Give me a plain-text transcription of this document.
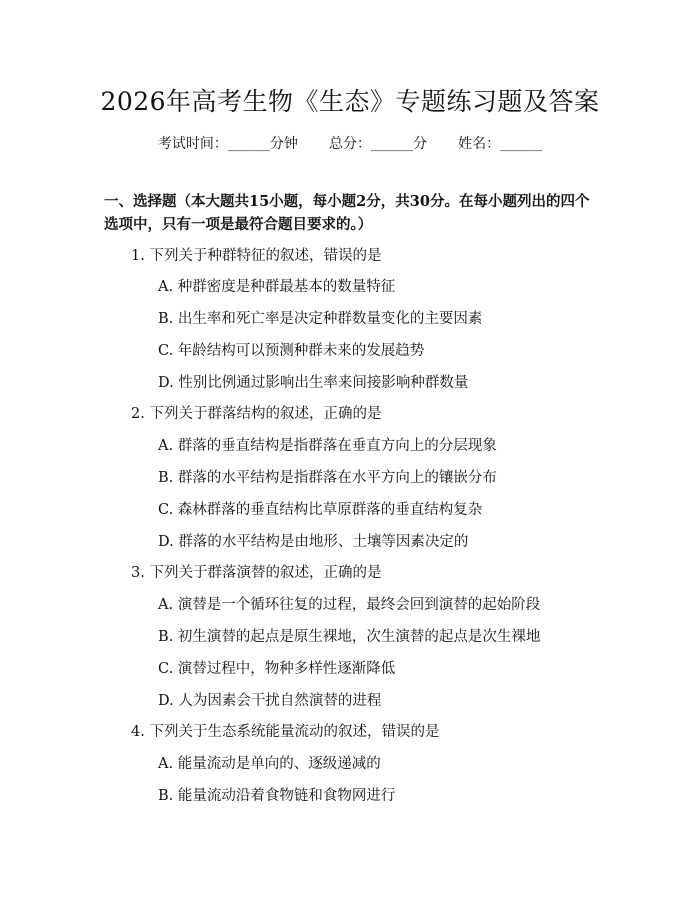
2026年高考生物《生态》专题练习题及答案
考试时间：______分钟 总分：______分 姓名：______
一、选择题（本大题共15小题，每小题2分，共30分。在每小题列出的四个选项中，只有一项是最符合题目要求的。）
1. 下列关于种群特征的叙述，错误的是
A. 种群密度是种群最基本的数量特征
B. 出生率和死亡率是决定种群数量变化的主要因素
C. 年龄结构可以预测种群未来的发展趋势
D. 性别比例通过影响出生率来间接影响种群数量
2. 下列关于群落结构的叙述，正确的是
A. 群落的垂直结构是指群落在垂直方向上的分层现象
B. 群落的水平结构是指群落在水平方向上的镶嵌分布
C. 森林群落的垂直结构比草原群落的垂直结构复杂
D. 群落的水平结构是由地形、土壤等因素决定的
3. 下列关于群落演替的叙述，正确的是
A. 演替是一个循环往复的过程，最终会回到演替的起始阶段
B. 初生演替的起点是原生裸地，次生演替的起点是次生裸地
C. 演替过程中，物种多样性逐渐降低
D. 人为因素会干扰自然演替的进程
4. 下列关于生态系统能量流动的叙述，错误的是
A. 能量流动是单向的、逐级递减的
B. 能量流动沿着食物链和食物网进行
